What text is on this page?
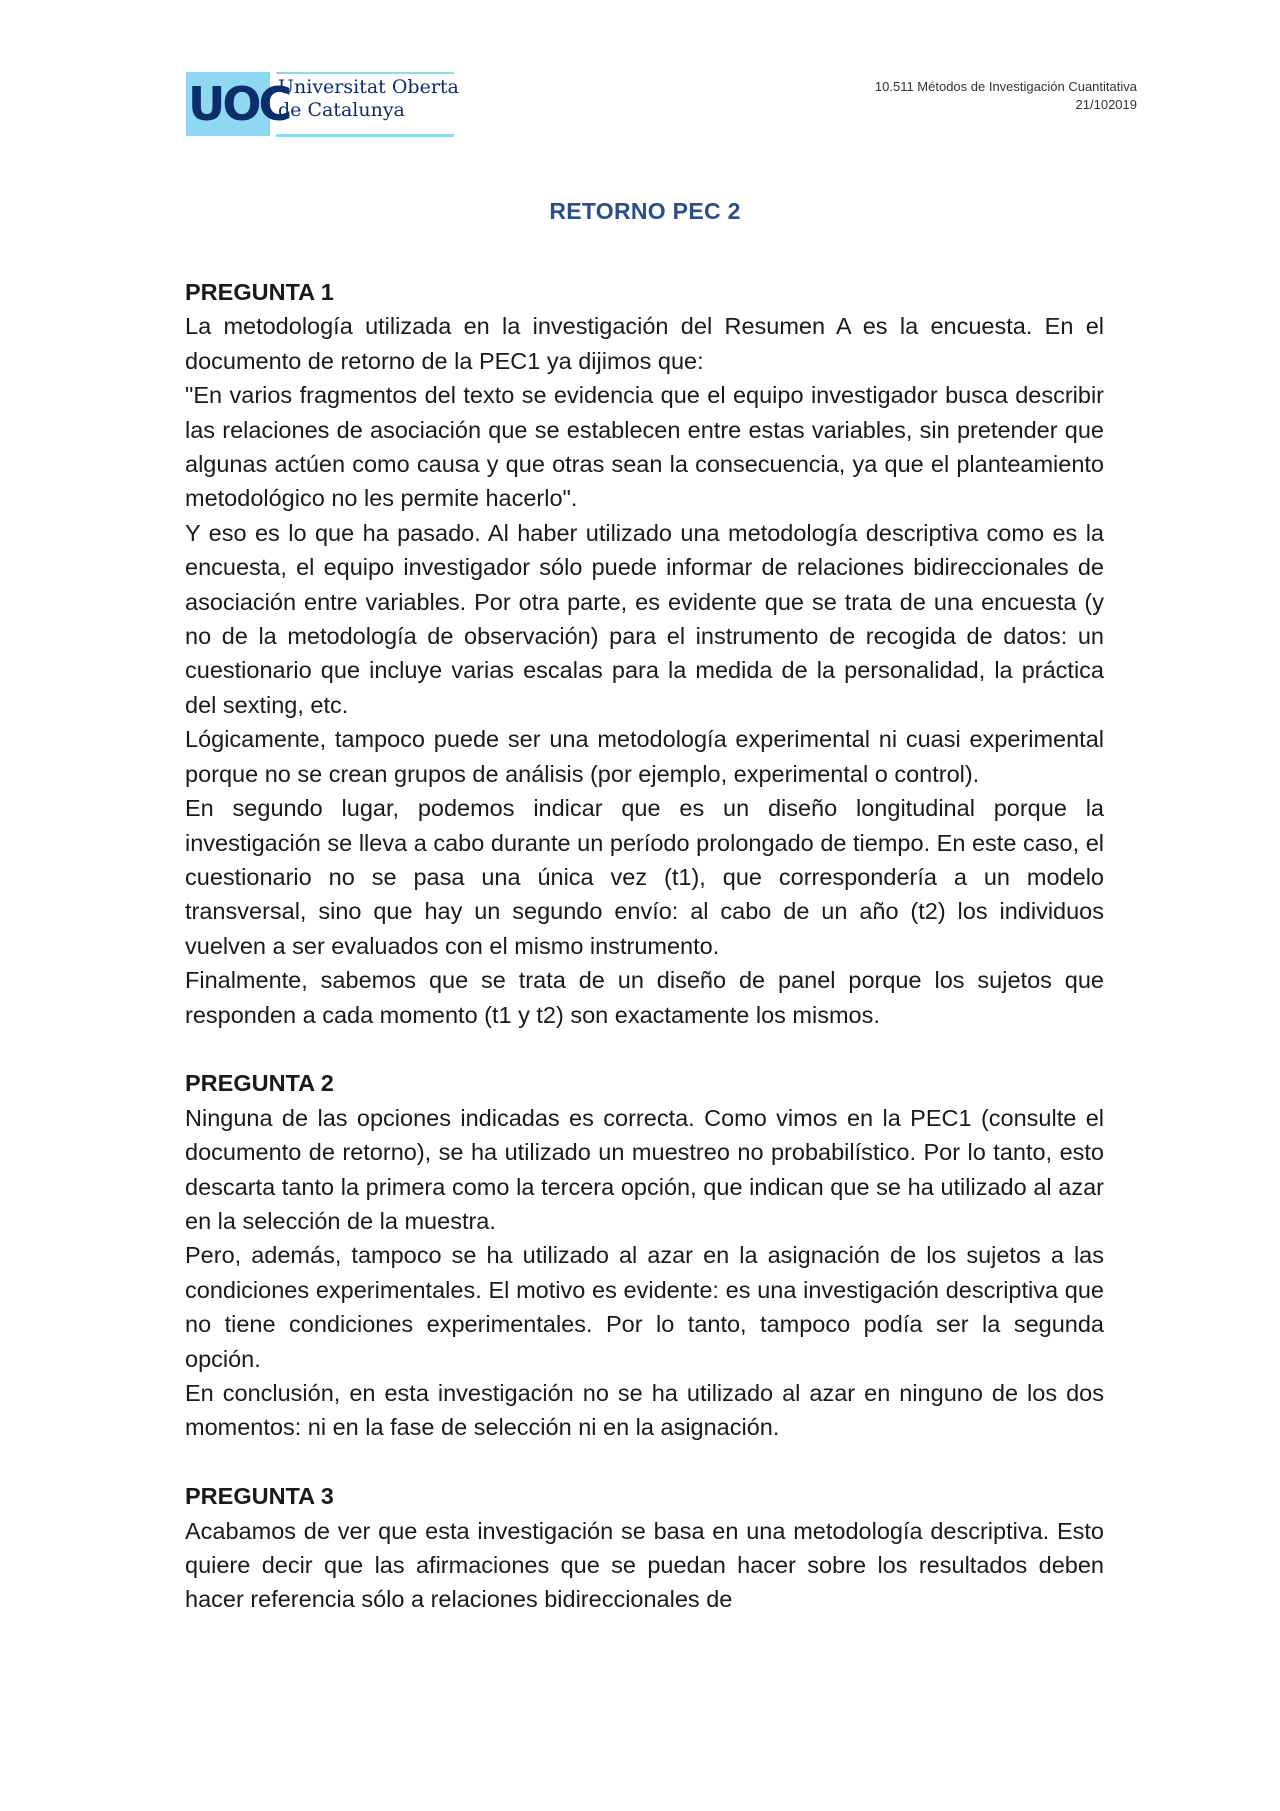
UOC
Universitat Oberta
de Catalunya
10.511 Métodos de Investigación Cuantitativa
21/102019
RETORNO PEC 2
PREGUNTA 1

La metodología utilizada en la investigación del Resumen A es la encuesta. En el documento de retorno de la PEC1 ya dijimos que:

"En varios fragmentos del texto se evidencia que el equipo investigador busca describir las relaciones de asociación que se establecen entre estas variables, sin pretender que algunas actúen como causa y que otras sean la consecuencia, ya que el planteamiento metodológico no les permite hacerlo".

Y eso es lo que ha pasado. Al haber utilizado una metodología descriptiva como es la encuesta, el equipo investigador sólo puede informar de relaciones bidireccionales de asociación entre variables. Por otra parte, es evidente que se trata de una encuesta (y no de la metodología de observación) para el instrumento de recogida de datos: un cuestionario que incluye varias escalas para la medida de la personalidad, la práctica del sexting, etc.

Lógicamente, tampoco puede ser una metodología experimental ni cuasi experimental porque no se crean grupos de análisis (por ejemplo, experimental o control).

En segundo lugar, podemos indicar que es un diseño longitudinal porque la investigación se lleva a cabo durante un período prolongado de tiempo. En este caso, el cuestionario no se pasa una única vez (t1), que correspondería a un modelo transversal, sino que hay un segundo envío: al cabo de un año (t2) los individuos vuelven a ser evaluados con el mismo instrumento.

Finalmente, sabemos que se trata de un diseño de panel porque los sujetos que responden a cada momento (t1 y t2) son exactamente los mismos.

PREGUNTA 2

Ninguna de las opciones indicadas es correcta. Como vimos en la PEC1 (consulte el documento de retorno), se ha utilizado un muestreo no probabilístico. Por lo tanto, esto descarta tanto la primera como la tercera opción, que indican que se ha utilizado al azar en la selección de la muestra.

Pero, además, tampoco se ha utilizado al azar en la asignación de los sujetos a las condiciones experimentales. El motivo es evidente: es una investigación descriptiva que no tiene condiciones experimentales. Por lo tanto, tampoco podía ser la segunda opción.

En conclusión, en esta investigación no se ha utilizado al azar en ninguno de los dos momentos: ni en la fase de selección ni en la asignación.

PREGUNTA 3

Acabamos de ver que esta investigación se basa en una metodología descriptiva. Esto quiere decir que las afirmaciones que se puedan hacer sobre los resultados deben hacer referencia sólo a relaciones bidireccionales de
